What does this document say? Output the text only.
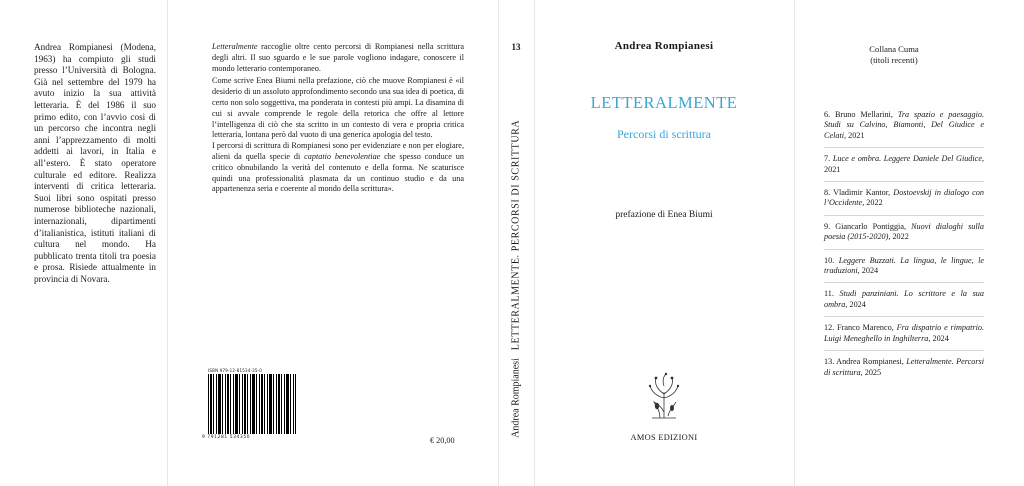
Andrea Rompianesi (Modena, 1963) ha compiuto gli studi presso l’Università di Bologna. Già nel settembre del 1979 ha avuto inizio la sua attività letteraria. È del 1986 il suo primo edito, con l’avvio così di un percorso che incontra negli anni l’apprezzamento di molti addetti ai lavori, in Italia e all’estero. È stato operatore culturale ed editore. Realizza interventi di critica letteraria. Suoi libri sono ospitati presso numerose biblioteche nazionali, internazionali, dipartimenti d’italianistica, istituti italiani di cultura nel mondo. Ha pubblicato trenta titoli tra poesia e prosa. Risiede attualmente in provincia di Novara.

Letteralmente raccoglie oltre cento percorsi di Rompianesi nella scrittura degli altri. Il suo sguardo e le sue parole vogliono indagare, conoscere il mondo letterario contemporaneo.

Come scrive Enea Biumi nella prefazione, ciò che muove Rompianesi è «il desiderio di un assoluto approfondimento secondo una sua idea di poetica, di certo non solo soggettiva, ma ponderata in contesti più ampi. La disamina di cui si avvale comprende le regole della retorica che offre al lettore l’intelligenza di ciò che sta scritto in un contesto di vera e propria critica letteraria, lontana però dal vuoto di una generica apologia del testo.

I percorsi di scrittura di Rompianesi sono per evidenziare e non per elogiare, alieni da quella specie di captatio benevolentiae che spesso conduce un critico obnubilando la verità del contenuto e della forma. Ne scaturisce quindi una professionalità plasmata da un continuo studio e da una appartenenza seria e coerente al mondo della scrittura».

ISBN 979-12-81534-35-0
9 791281 534350	€ 20,00
13
LETTERALMENTE. PERCORSI DI SCRITTURA
Andrea Rompianesi
Andrea Rompianesi
LETTERALMENTE
Percorsi di scrittura
prefazione di Enea Biumi
AMOS EDIZIONI
Collana Cuma
(titoli recenti)
6. Bruno Mellarini, Tra spazio e paesaggio. Studi su Calvino, Biamonti, Del Giudice e Celati, 2021
7. Luce e ombra. Leggere Daniele Del Giudice, 2021
8. Vladimir Kantor, Dostoevskij in dialogo con l’Occidente, 2022
9. Giancarlo Pontiggia, Nuovi dialoghi sulla poesia (2015-2020), 2022
10. Leggere Buzzati. La lingua, le lingue, le traduzioni, 2024
11. Studi panziniani. Lo scrittore e la sua ombra, 2024
12. Franco Marenco, Fra dispatrio e rimpatrio. Luigi Meneghello in Inghilterra, 2024
13. Andrea Rompianesi, Letteralmente. Percorsi di scrittura, 2025
